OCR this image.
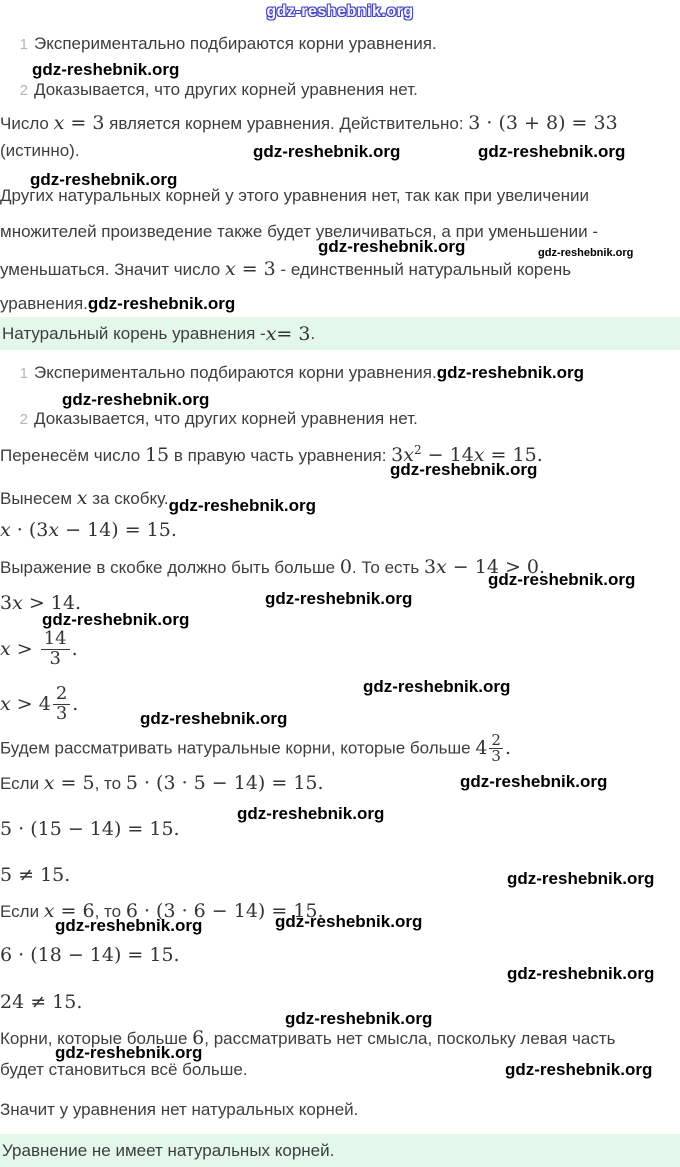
gdz-reshebnik.org
1 Экспериментально подбираются корни уравнения.
gdz-reshebnik.org
2 Доказывается, что других корней уравнения нет.
Число x = 3 является корнем уравнения. Действительно: 3 · (3 + 8) = 33
(истинно).	gdz-reshebnik.org	gdz-reshebnik.org
gdz-reshebnik.org
Других натуральных корней у этого уравнения нет, так как при увеличении
множителей произведение также будет увеличиваться, а при уменьшении -
gdz-reshebnik.org	gdz-reshebnik.org
уменьшаться. Значит число x = 3 - единственный натуральный корень
уравнения.gdz-reshebnik.org
Натуральный корень уравнения - x = 3 .
1 Экспериментально подбираются корни уравнения.gdz-reshebnik.org
gdz-reshebnik.org
2 Доказывается, что других корней уравнения нет.
Перенесём число 15 в правую часть уравнения: $3x^2 - 14x = 15$.
gdz-reshebnik.org
Вынесем x за скобку.gdz-reshebnik.org
x · (3x − 14) = 15.
Выражение в скобке должно быть больше 0. То есть 3x − 14 > 0.
gdz-reshebnik.org
3x > 14.	gdz-reshebnik.org
gdz-reshebnik.org
$x > \frac{14}{3}$ .
gdz-reshebnik.org
$x > 4 \frac{2}{3}$ .
gdz-reshebnik.org
Будем рассматривать натуральные корни, которые больше $4 \frac{2}{3}$ .
Если x = 5, то 5 · (3 · 5 − 14) = 15.	gdz-reshebnik.org
gdz-reshebnik.org
5 · (15 − 14) = 15.
5 ≠ 15.	gdz-reshebnik.org
Если x = 6, то 6 · (3 · 6 − 14) = 15.
gdz-reshebnik.org	gdz-reshebnik.org
6 · (18 − 14) = 15.
gdz-reshebnik.org
24 ≠ 15.
gdz-reshebnik.org
Корни, которые больше 6, рассматривать нет смысла, поскольку левая часть
gdz-reshebnik.org
будет становиться всё больше.	gdz-reshebnik.org
Значит у уравнения нет натуральных корней.
Уравнение не имеет натуральных корней.
